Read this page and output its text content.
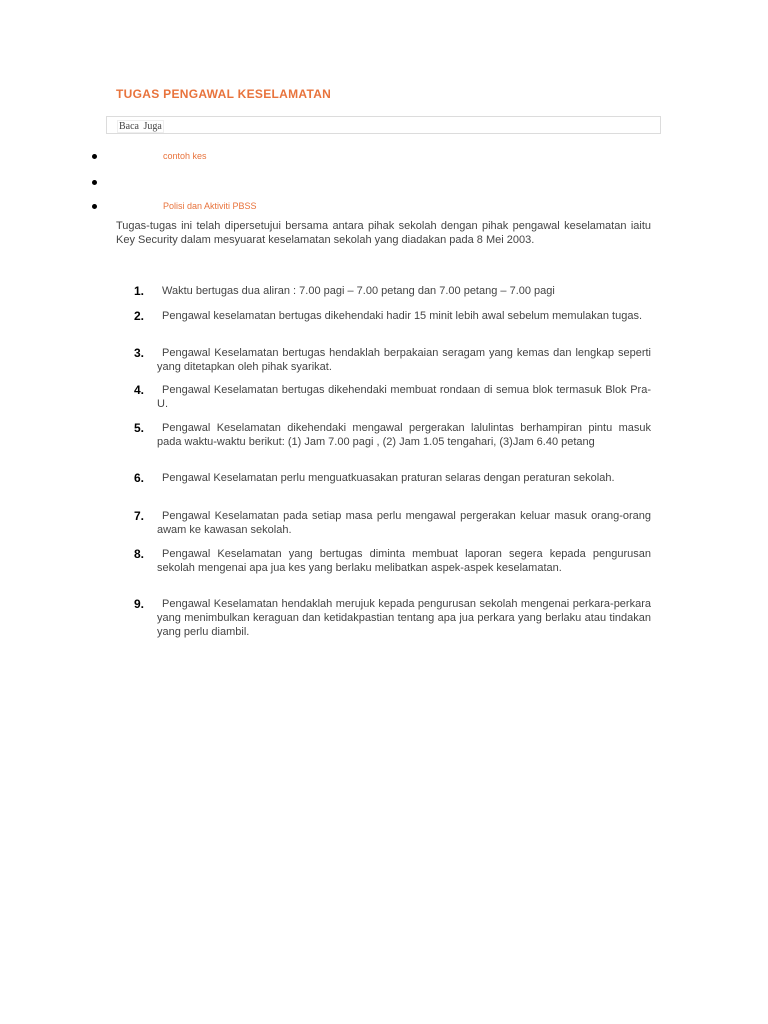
TUGAS PENGAWAL KESELAMATAN
Baca Juga
contoh kes
Polisi dan Aktiviti PBSS

Tugas-tugas ini telah dipersetujui bersama antara pihak sekolah dengan pihak pengawal keselamatan iaitu Key Security dalam mesyuarat keselamatan sekolah yang diadakan pada 8 Mei 2003.

1.	Waktu bertugas dua aliran : 7.00 pagi – 7.00 petang dan 7.00 petang – 7.00 pagi

2.	Pengawal keselamatan bertugas dikehendaki hadir 15 minit lebih awal sebelum memulakan tugas.

3.	Pengawal Keselamatan bertugas hendaklah berpakaian seragam yang kemas dan lengkap seperti yang ditetapkan oleh pihak syarikat.

4.	Pengawal Keselamatan bertugas dikehendaki membuat rondaan di semua blok termasuk Blok Pra-U.

5.	Pengawal Keselamatan dikehendaki mengawal pergerakan lalulintas berhampiran pintu masuk pada waktu-waktu berikut: (1) Jam 7.00 pagi , (2) Jam 1.05 tengahari, (3)Jam 6.40 petang

6.	Pengawal Keselamatan perlu menguatkuasakan praturan selaras dengan peraturan sekolah.

7.	Pengawal Keselamatan pada setiap masa perlu mengawal pergerakan keluar masuk orang-orang awam ke kawasan sekolah.

8.	Pengawal Keselamatan yang bertugas diminta membuat laporan segera kepada pengurusan sekolah mengenai apa jua kes yang berlaku melibatkan aspek-aspek keselamatan.

9.	Pengawal Keselamatan hendaklah merujuk kepada pengurusan sekolah mengenai perkara-perkara yang menimbulkan keraguan dan ketidakpastian tentang apa jua perkara yang berlaku atau tindakan yang perlu diambil.
